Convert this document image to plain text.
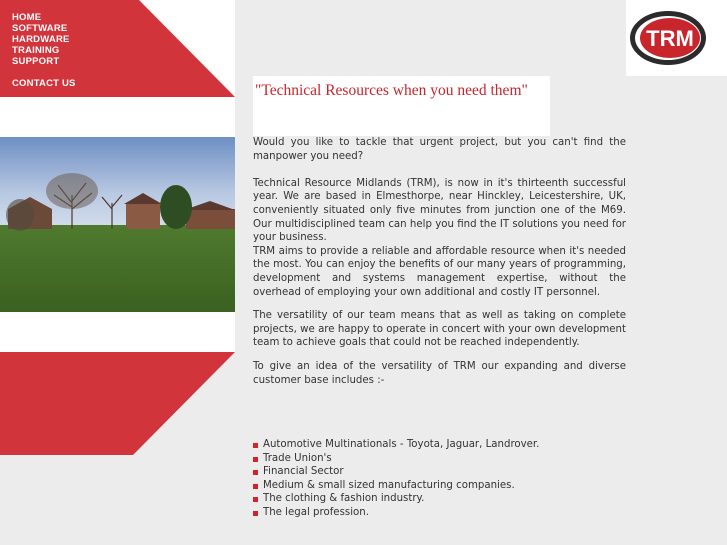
HOME
SOFTWARE
HARDWARE
TRAINING
SUPPORT
CONTACT US
TRM
"Technical Resources when you need them"

Would you like to tackle that urgent project, but you can't find the manpower you need?

Technical Resource Midlands (TRM), is now in it's thirteenth successful year. We are based in Elmesthorpe, near Hinckley, Leicestershire, UK, conveniently situated only five minutes from junction one of the M69. Our multidisciplined team can help you find the IT solutions you need for your business.

TRM aims to provide a reliable and affordable resource when it's needed the most. You can enjoy the benefits of our many years of programming, development and systems management expertise, without the overhead of employing your own additional and costly IT personnel.

The versatility of our team means that as well as taking on complete projects, we are happy to operate in concert with your own development team to achieve goals that could not be reached independently.

To give an idea of the versatility of TRM our expanding and diverse customer base includes :-

Automotive Multinationals - Toyota, Jaguar, Landrover.
Trade Union's
Financial Sector
Medium & small sized manufacturing companies.
The clothing & fashion industry.
The legal profession.
